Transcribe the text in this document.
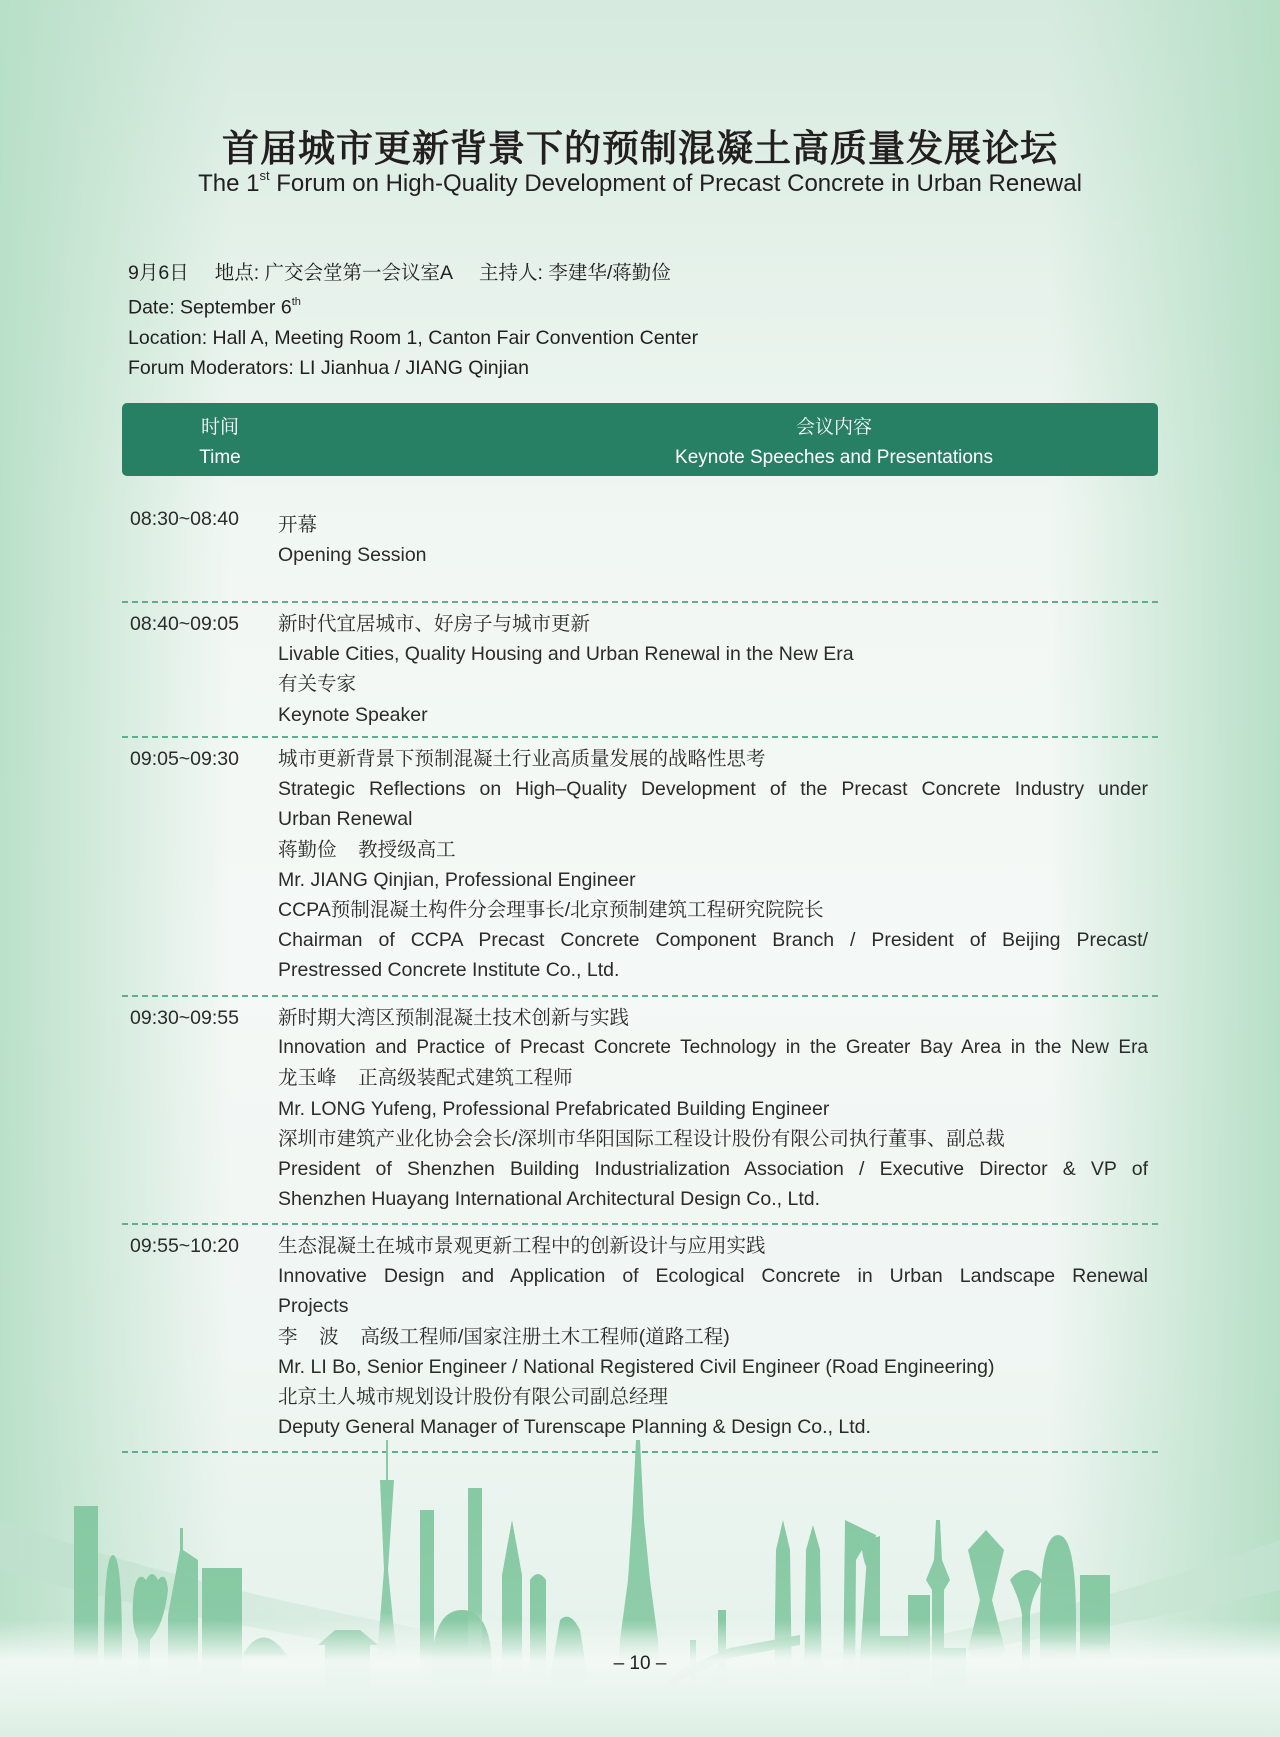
首届城市更新背景下的预制混凝土高质量发展论坛
The 1st Forum on High-Quality Development of Precast Concrete in Urban Renewal
9月6日 地点: 广交会堂第一会议室A 主持人: 李建华/蒋勤俭
Date: September 6th
Location: Hall A, Meeting Room 1, Canton Fair Convention Center
Forum Moderators: LI Jianhua / JIANG Qinjian
时间
Time
会议内容
Keynote Speeches and Presentations
08:30~08:40 开幕
Opening Session
08:40~09:05 新时代宜居城市、好房子与城市更新
Livable Cities, Quality Housing and Urban Renewal in the New Era
有关专家
Keynote Speaker
09:05~09:30 城市更新背景下预制混凝土行业高质量发展的战略性思考
Strategic Reflections on High–Quality Development of the Precast Concrete Industry under
Urban Renewal
蒋勤俭    教授级高工
Mr. JIANG Qinjian, Professional Engineer
CCPA预制混凝土构件分会理事长/北京预制建筑工程研究院院长
Chairman of CCPA Precast Concrete Component Branch / President of Beijing Precast/
Prestressed Concrete Institute Co., Ltd.
09:30~09:55 新时期大湾区预制混凝土技术创新与实践
Innovation and Practice of Precast Concrete Technology in the Greater Bay Area in the New Era
龙玉峰    正高级装配式建筑工程师
Mr. LONG Yufeng, Professional Prefabricated Building Engineer
深圳市建筑产业化协会会长/深圳市华阳国际工程设计股份有限公司执行董事、副总裁
President of Shenzhen Building Industrialization Association / Executive Director & VP of
Shenzhen Huayang International Architectural Design Co., Ltd.
09:55~10:20 生态混凝土在城市景观更新工程中的创新设计与应用实践
Innovative Design and Application of Ecological Concrete in Urban Landscape Renewal
Projects
李    波    高级工程师/国家注册土木工程师(道路工程)
Mr. LI Bo, Senior Engineer / National Registered Civil Engineer (Road Engineering)
北京土人城市规划设计股份有限公司副总经理
Deputy General Manager of Turenscape Planning & Design Co., Ltd.
– 10 –
